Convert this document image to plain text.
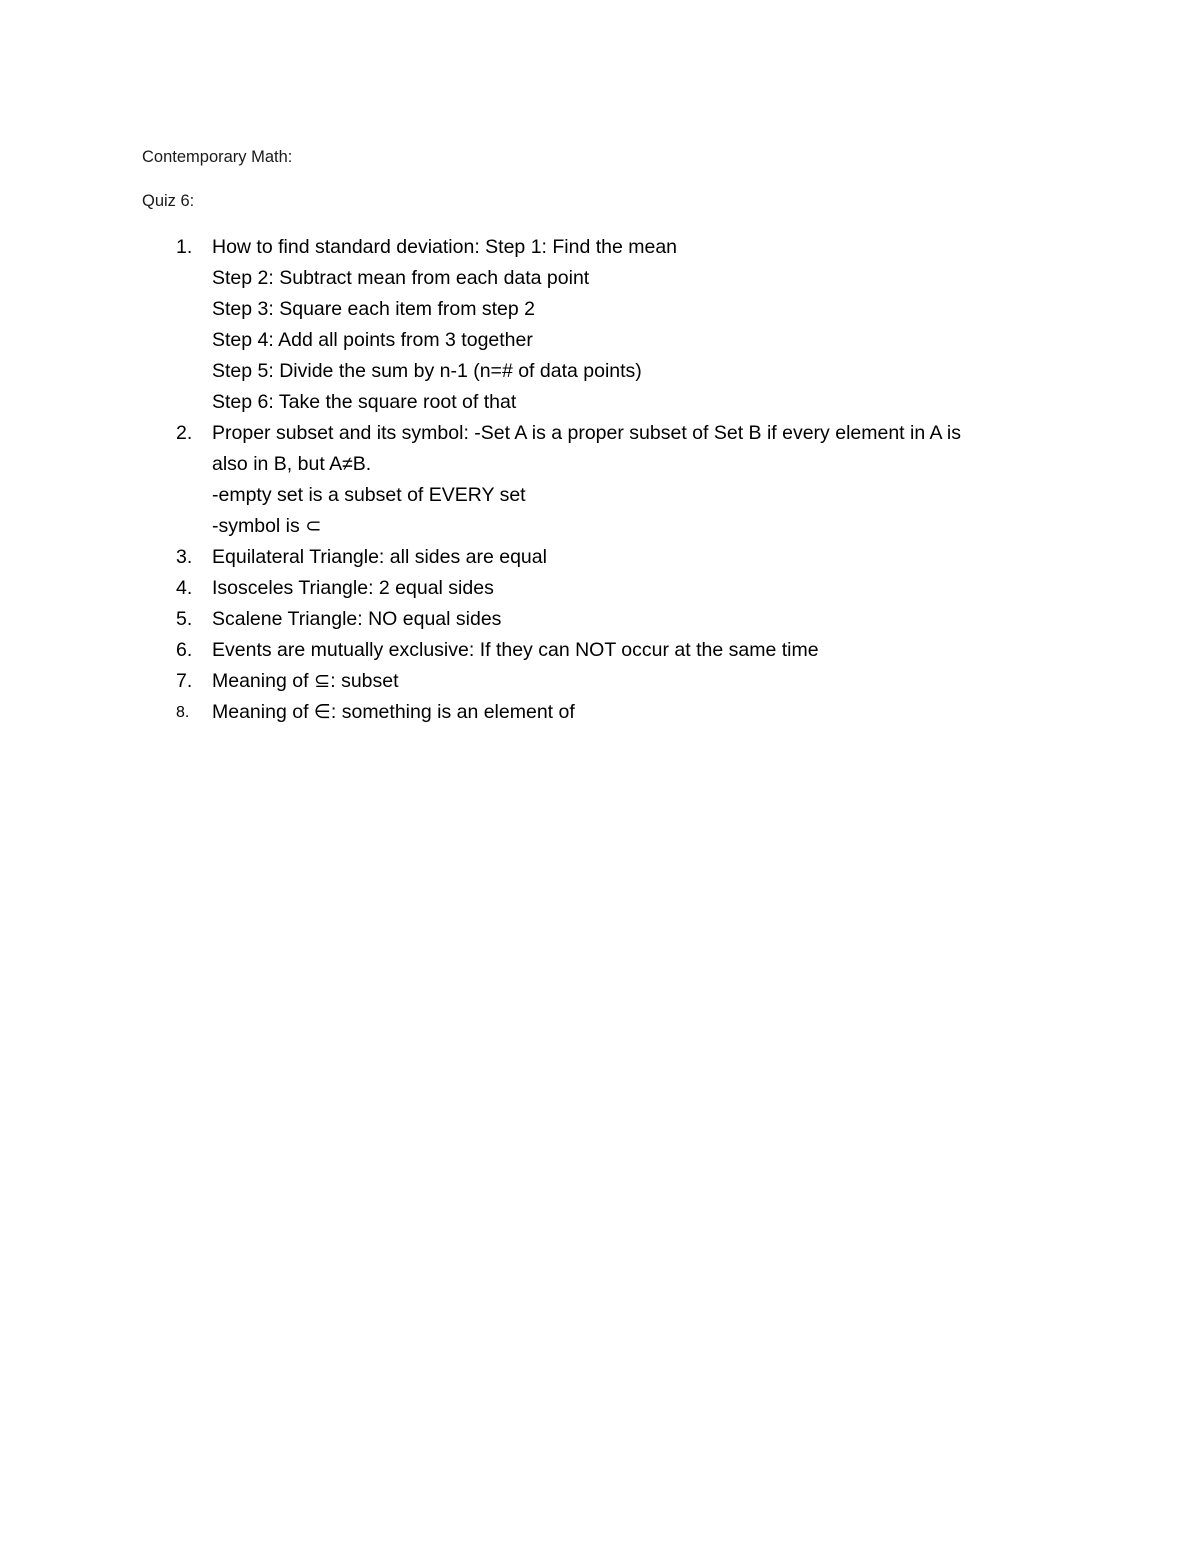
Contemporary Math:
Quiz 6:
1.	How to find standard deviation: Step 1: Find the mean
Step 2: Subtract mean from each data point
Step 3: Square each item from step 2
Step 4: Add all points from 3 together
Step 5: Divide the sum by n-1 (n=# of data points)
Step 6: Take the square root of that
2.	Proper subset and its symbol: -Set A is a proper subset of Set B if every element in A is
also in B, but A≠B.
-empty set is a subset of EVERY set
-symbol is ⊂
3.	Equilateral Triangle: all sides are equal
4.	Isosceles Triangle: 2 equal sides
5.	Scalene Triangle: NO equal sides
6.	Events are mutually exclusive: If they can NOT occur at the same time
7.	Meaning of ⊆: subset
8.	Meaning of ∈: something is an element of
